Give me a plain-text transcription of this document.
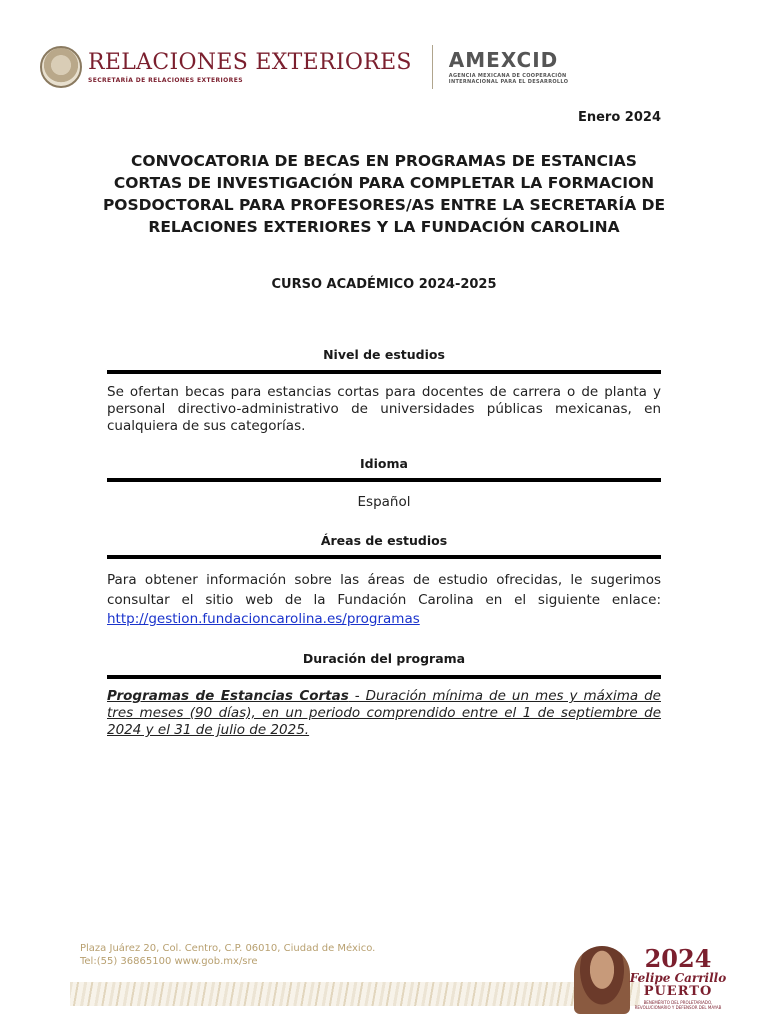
RELACIONES EXTERIORES
SECRETARÍA DE RELACIONES EXTERIORES
AMEXCID
AGENCIA MEXICANA DE COOPERACIÓN INTERNACIONAL PARA EL DESARROLLO
Enero 2024
CONVOCATORIA DE BECAS EN PROGRAMAS DE ESTANCIAS CORTAS DE INVESTIGACIÓN PARA COMPLETAR LA FORMACION POSDOCTORAL PARA PROFESORES/AS ENTRE LA SECRETARÍA DE RELACIONES EXTERIORES Y LA FUNDACIÓN CAROLINA
CURSO ACADÉMICO 2024-2025
Nivel de estudios
Se ofertan becas para estancias cortas para docentes de carrera o de planta y personal directivo-administrativo de universidades públicas mexicanas, en cualquiera de sus categorías.
Idioma
Español
Áreas de estudios
Para obtener información sobre las áreas de estudio ofrecidas, le sugerimos consultar el sitio web de la Fundación Carolina en el siguiente enlace: http://gestion.fundacioncarolina.es/programas
Duración del programa
Programas de Estancias Cortas - Duración mínima de un mes y máxima de tres meses (90 días), en un periodo comprendido entre el 1 de septiembre de 2024 y el 31 de julio de 2025.
Plaza Juárez 20, Col. Centro, C.P. 06010, Ciudad de México.
Tel:(55) 36865100 www.gob.mx/sre	2024
Felipe Carrillo
PUERTO
BENEMÉRITO DEL PROLETARIADO, REVOLUCIONARIO Y DEFENSOR DEL MAYAB
